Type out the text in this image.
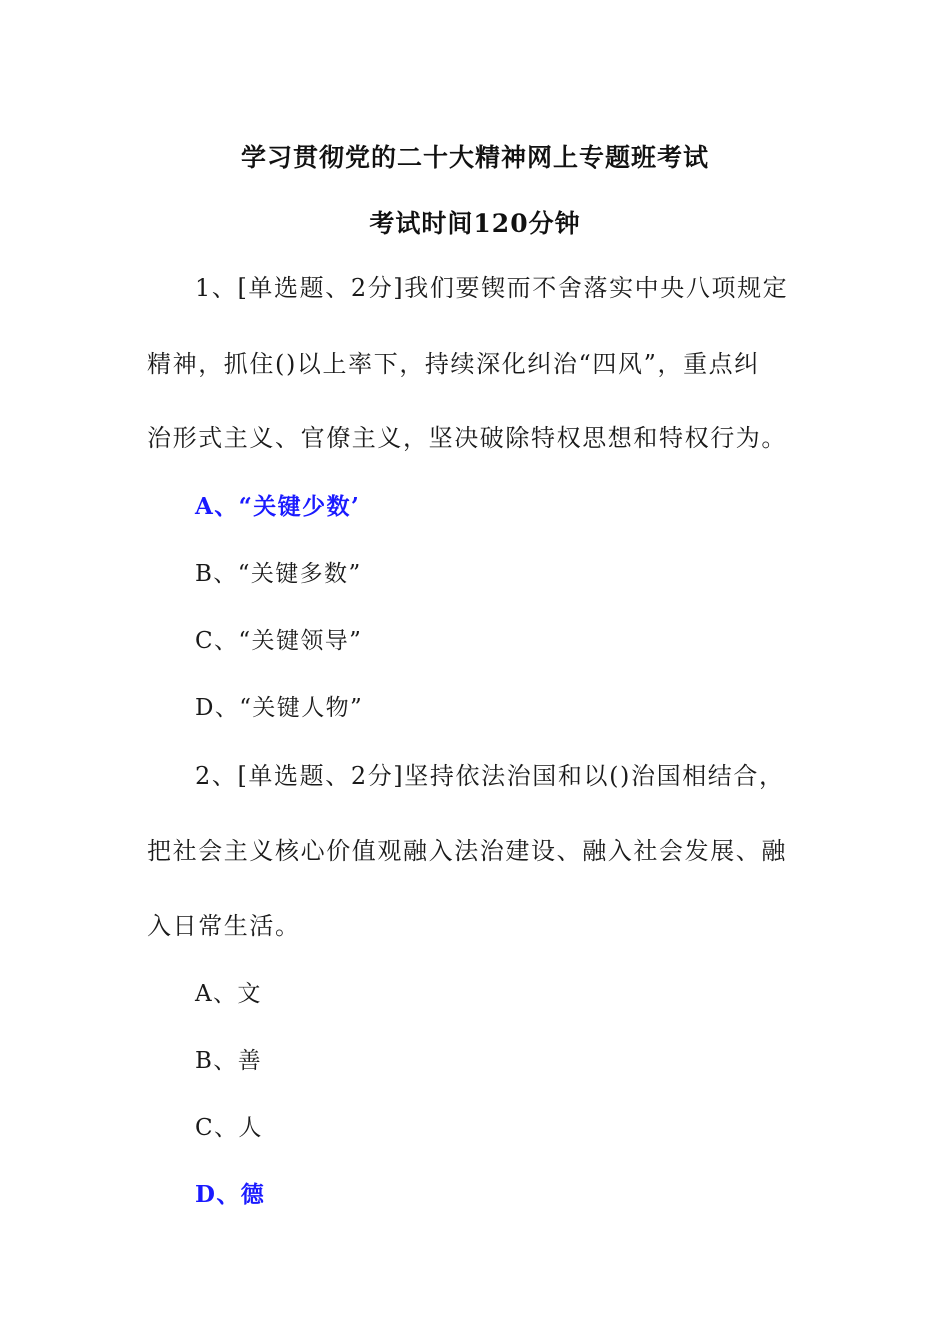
学习贯彻党的二十大精神网上专题班考试
考试时间120分钟
1、[单选题、2分]我们要锲而不舍落实中央八项规定
精神，抓住()以上率下，持续深化纠治“四风”，重点纠
治形式主义、官僚主义，坚决破除特权思想和特权行为。
A、“关键少数’
B、“关键多数”
C、“关键领导”
D、“关键人物”
2、[单选题、2分]坚持依法治国和以()治国相结合，
把社会主义核心价值观融入法治建设、融入社会发展、融
入日常生活。
A、文
B、善
C、人
D、德
